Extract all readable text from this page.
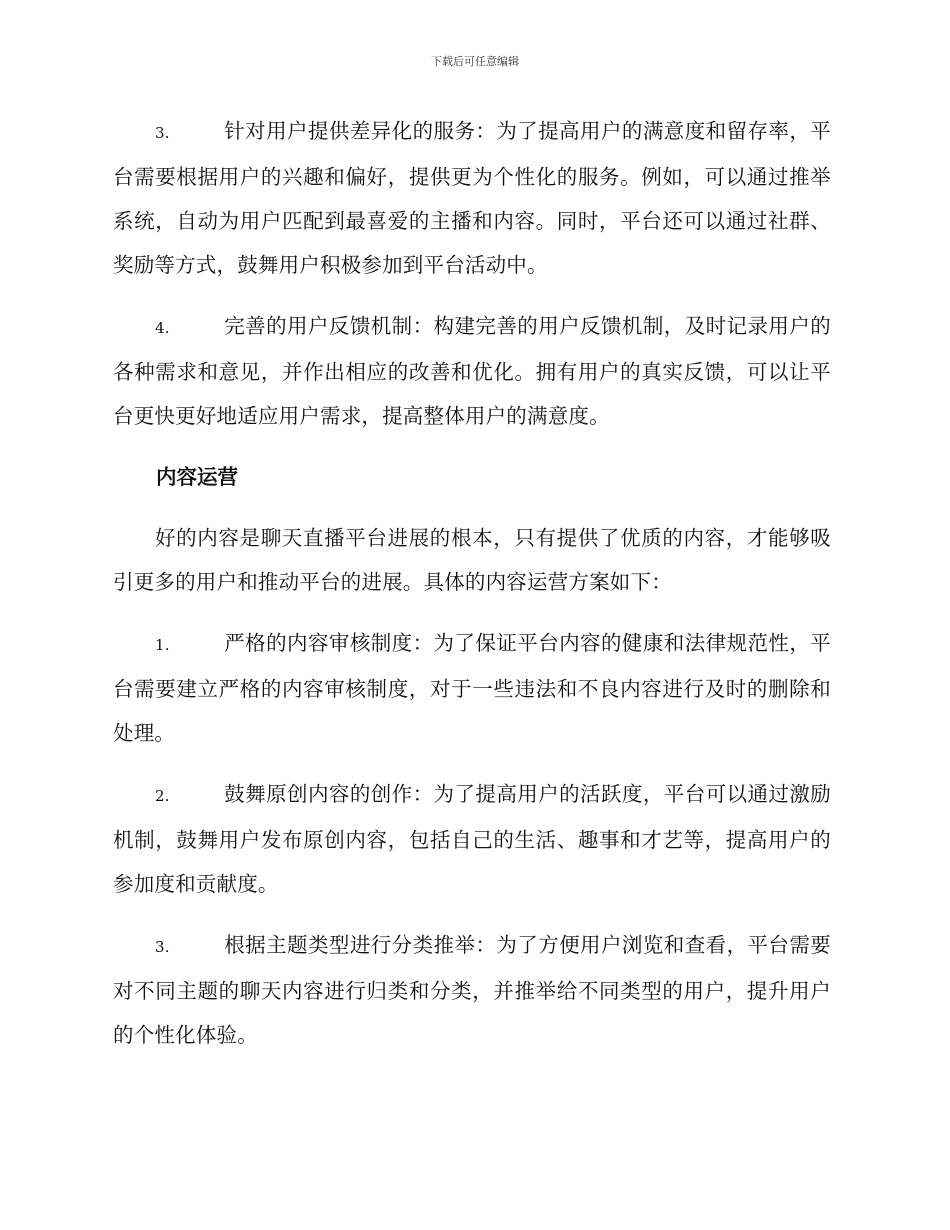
下载后可任意编辑

3.	针对用户提供差异化的服务：为了提高用户的满意度和留存率，平台需要根据用户的兴趣和偏好，提供更为个性化的服务。例如，可以通过推举系统，自动为用户匹配到最喜爱的主播和内容。同时，平台还可以通过社群、奖励等方式，鼓舞用户积极参加到平台活动中。

4.	完善的用户反馈机制：构建完善的用户反馈机制，及时记录用户的各种需求和意见，并作出相应的改善和优化。拥有用户的真实反馈，可以让平台更快更好地适应用户需求，提高整体用户的满意度。

内容运营

好的内容是聊天直播平台进展的根本，只有提供了优质的内容，才能够吸引更多的用户和推动平台的进展。具体的内容运营方案如下：

1.	严格的内容审核制度：为了保证平台内容的健康和法律规范性，平台需要建立严格的内容审核制度，对于一些违法和不良内容进行及时的删除和处理。

2.	鼓舞原创内容的创作：为了提高用户的活跃度，平台可以通过激励机制，鼓舞用户发布原创内容，包括自己的生活、趣事和才艺等，提高用户的参加度和贡献度。

3.	根据主题类型进行分类推举：为了方便用户浏览和查看，平台需要对不同主题的聊天内容进行归类和分类，并推举给不同类型的用户，提升用户的个性化体验。
